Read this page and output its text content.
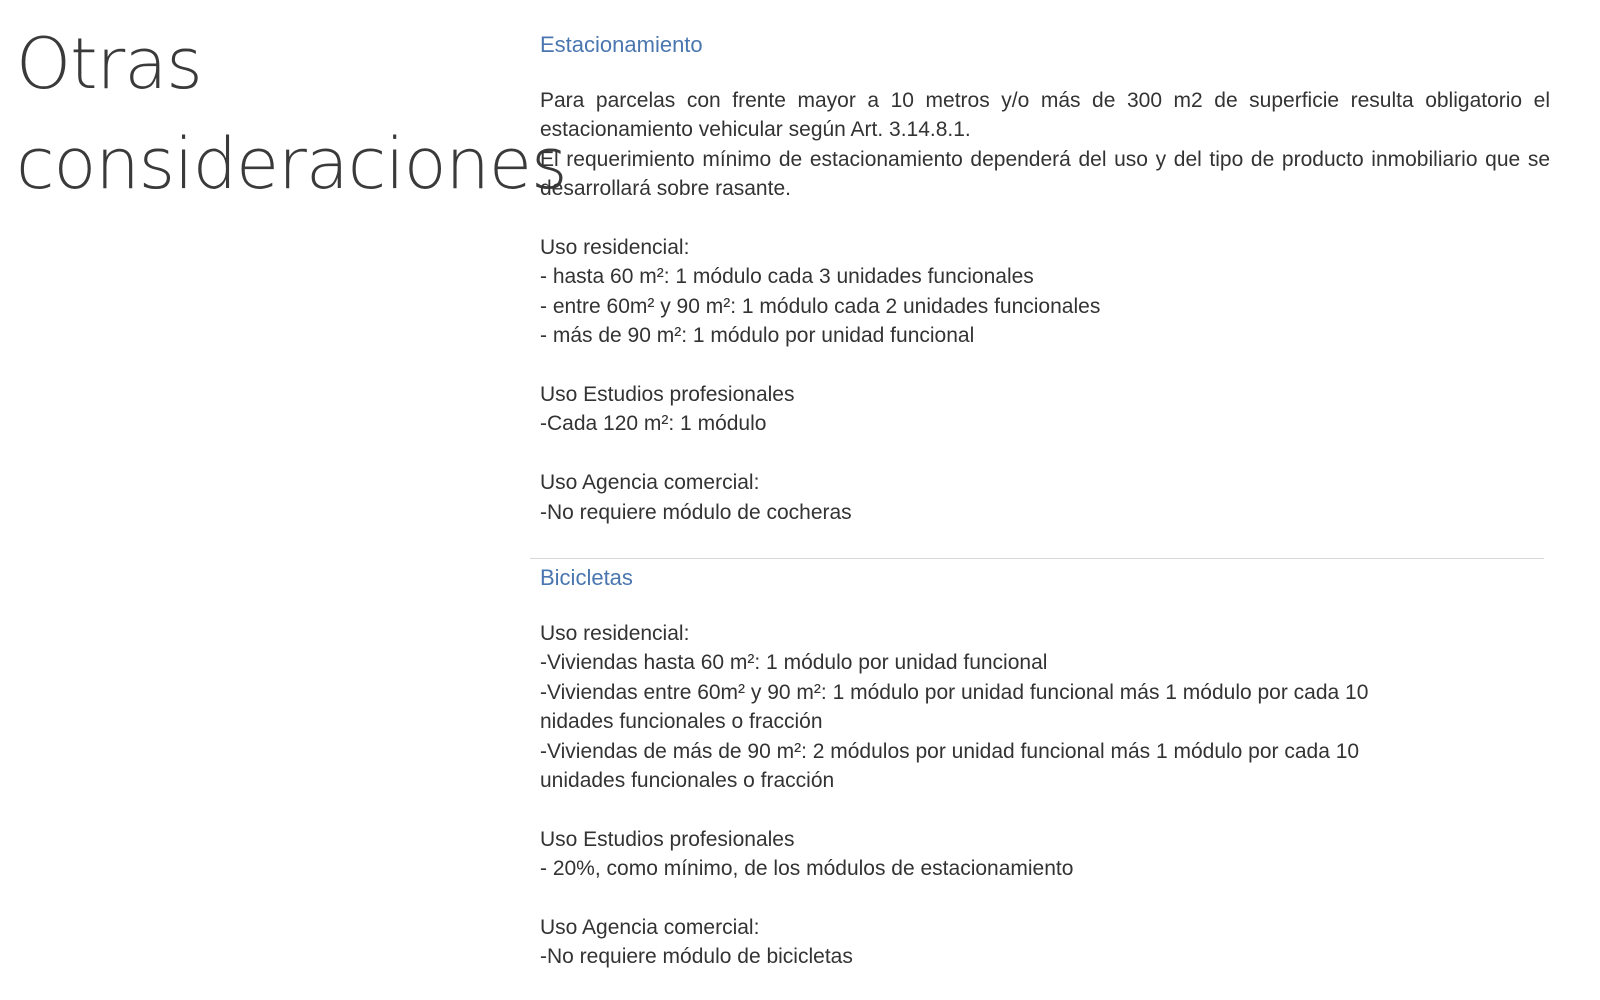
Otras
consideraciones
Estacionamiento

Para parcelas con frente mayor a 10 metros y/o más de 300 m2 de superficie resulta obligatorio el estacionamiento vehicular según Art. 3.14.8.1.

El requerimiento mínimo de estacionamiento dependerá del uso y del tipo de producto inmobiliario que se desarrollará sobre rasante.

Uso residencial:
- hasta 60 m²: 1 módulo cada 3 unidades funcionales
- entre 60m² y 90 m²: 1 módulo cada 2 unidades funcionales
- más de 90 m²: 1 módulo por unidad funcional
Uso Estudios profesionales
-Cada 120 m²: 1 módulo
Uso Agencia comercial:
-No requiere módulo de cocheras
Bicicletas
Uso residencial:
-Viviendas hasta 60 m²: 1 módulo por unidad funcional
-Viviendas entre 60m² y 90 m²: 1 módulo por unidad funcional más 1 módulo por cada 10
nidades funcionales o fracción
-Viviendas de más de 90 m²: 2 módulos por unidad funcional más 1 módulo por cada 10
unidades funcionales o fracción
Uso Estudios profesionales
- 20%, como mínimo, de los módulos de estacionamiento
Uso Agencia comercial:
-No requiere módulo de bicicletas
